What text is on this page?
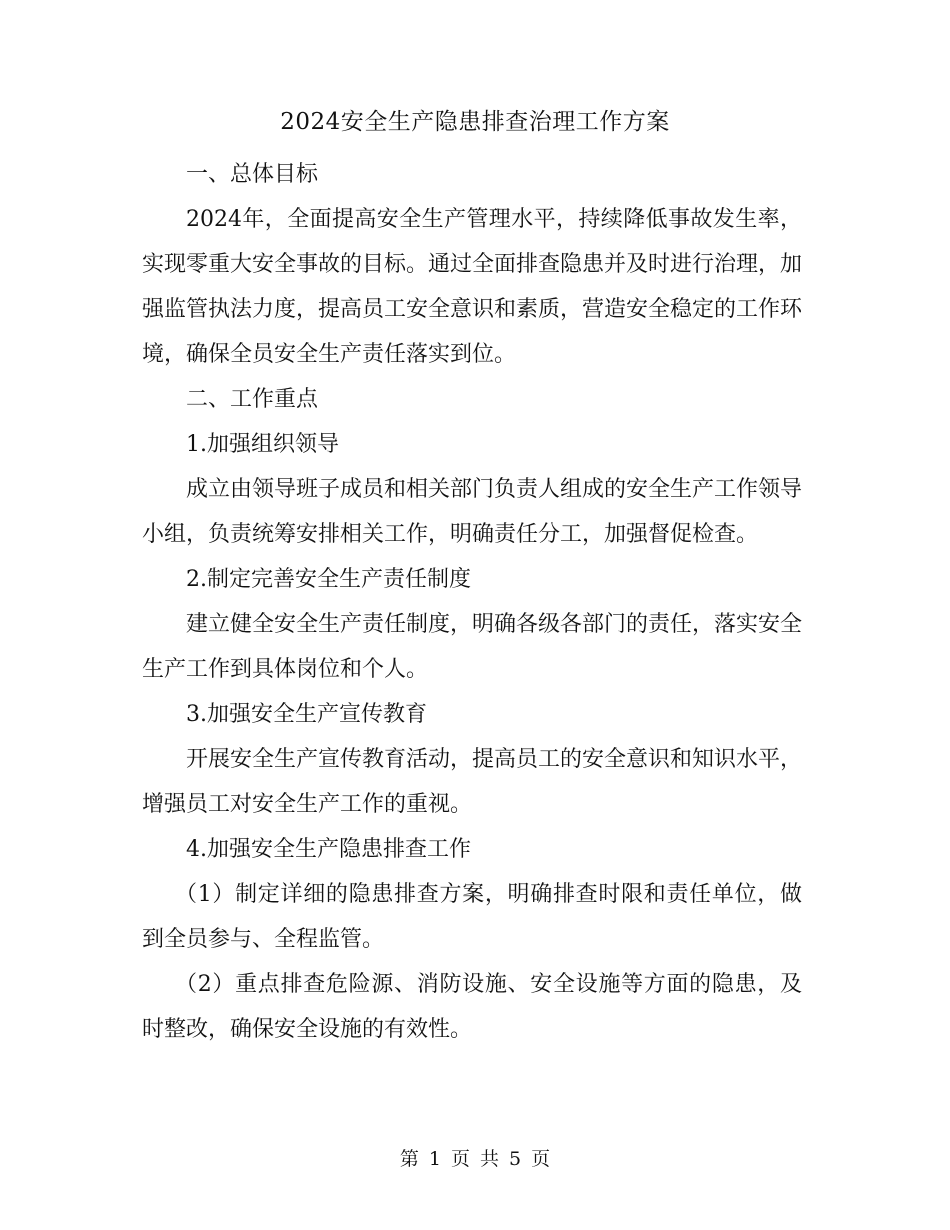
2024安全生产隐患排查治理工作方案

一、总体目标

2024年，全面提高安全生产管理水平，持续降低事故发生率，实现零重大安全事故的目标。通过全面排查隐患并及时进行治理，加强监管执法力度，提高员工安全意识和素质，营造安全稳定的工作环境，确保全员安全生产责任落实到位。

二、工作重点

1.加强组织领导

成立由领导班子成员和相关部门负责人组成的安全生产工作领导小组，负责统筹安排相关工作，明确责任分工，加强督促检查。

2.制定完善安全生产责任制度

建立健全安全生产责任制度，明确各级各部门的责任，落实安全生产工作到具体岗位和个人。

3.加强安全生产宣传教育

开展安全生产宣传教育活动，提高员工的安全意识和知识水平，增强员工对安全生产工作的重视。

4.加强安全生产隐患排查工作

（1）制定详细的隐患排查方案，明确排查时限和责任单位，做到全员参与、全程监管。

（2）重点排查危险源、消防设施、安全设施等方面的隐患，及时整改，确保安全设施的有效性。

第 1 页 共 5 页
